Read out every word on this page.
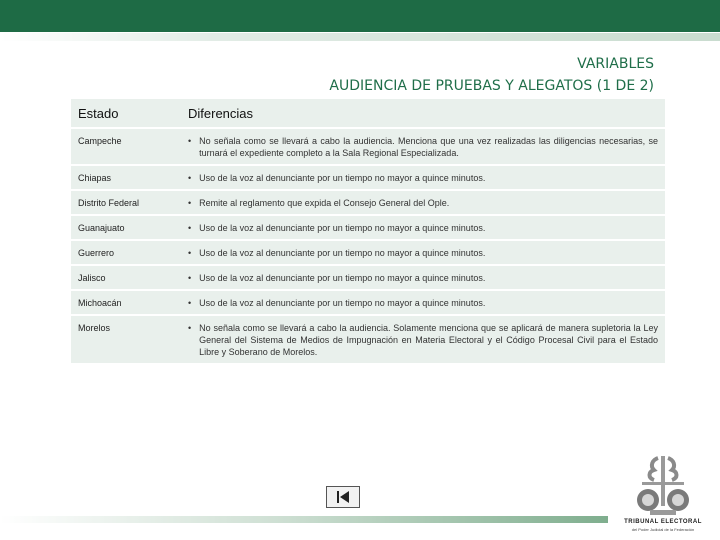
VARIABLES
AUDIENCIA DE PRUEBAS Y ALEGATOS (1 DE 2)
Estado	Diferencias
Campeche	• No señala como se llevará a cabo la audiencia. Menciona que una vez realizadas las diligencias necesarias, se turnará el expediente completo a la Sala Regional Especializada.

Chiapas	• Uso de la voz al denunciante por un tiempo no mayor a quince minutos.

Distrito Federal	• Remite al reglamento que expida el Consejo General del Ople.

Guanajuato	• Uso de la voz al denunciante por un tiempo no mayor a quince minutos.

Guerrero	• Uso de la voz al denunciante por un tiempo no mayor a quince minutos.

Jalisco	• Uso de la voz al denunciante por un tiempo no mayor a quince minutos.

Michoacán	• Uso de la voz al denunciante por un tiempo no mayor a quince minutos.

Morelos	• No señala como se llevará a cabo la audiencia. Solamente menciona que se aplicará de manera supletoria la Ley General del Sistema de Medios de Impugnación en Materia Electoral y el Código Procesal Civil para el Estado Libre y Soberano de Morelos.
TRIBUNAL ELECTORAL
del Poder Judicial de la Federación
